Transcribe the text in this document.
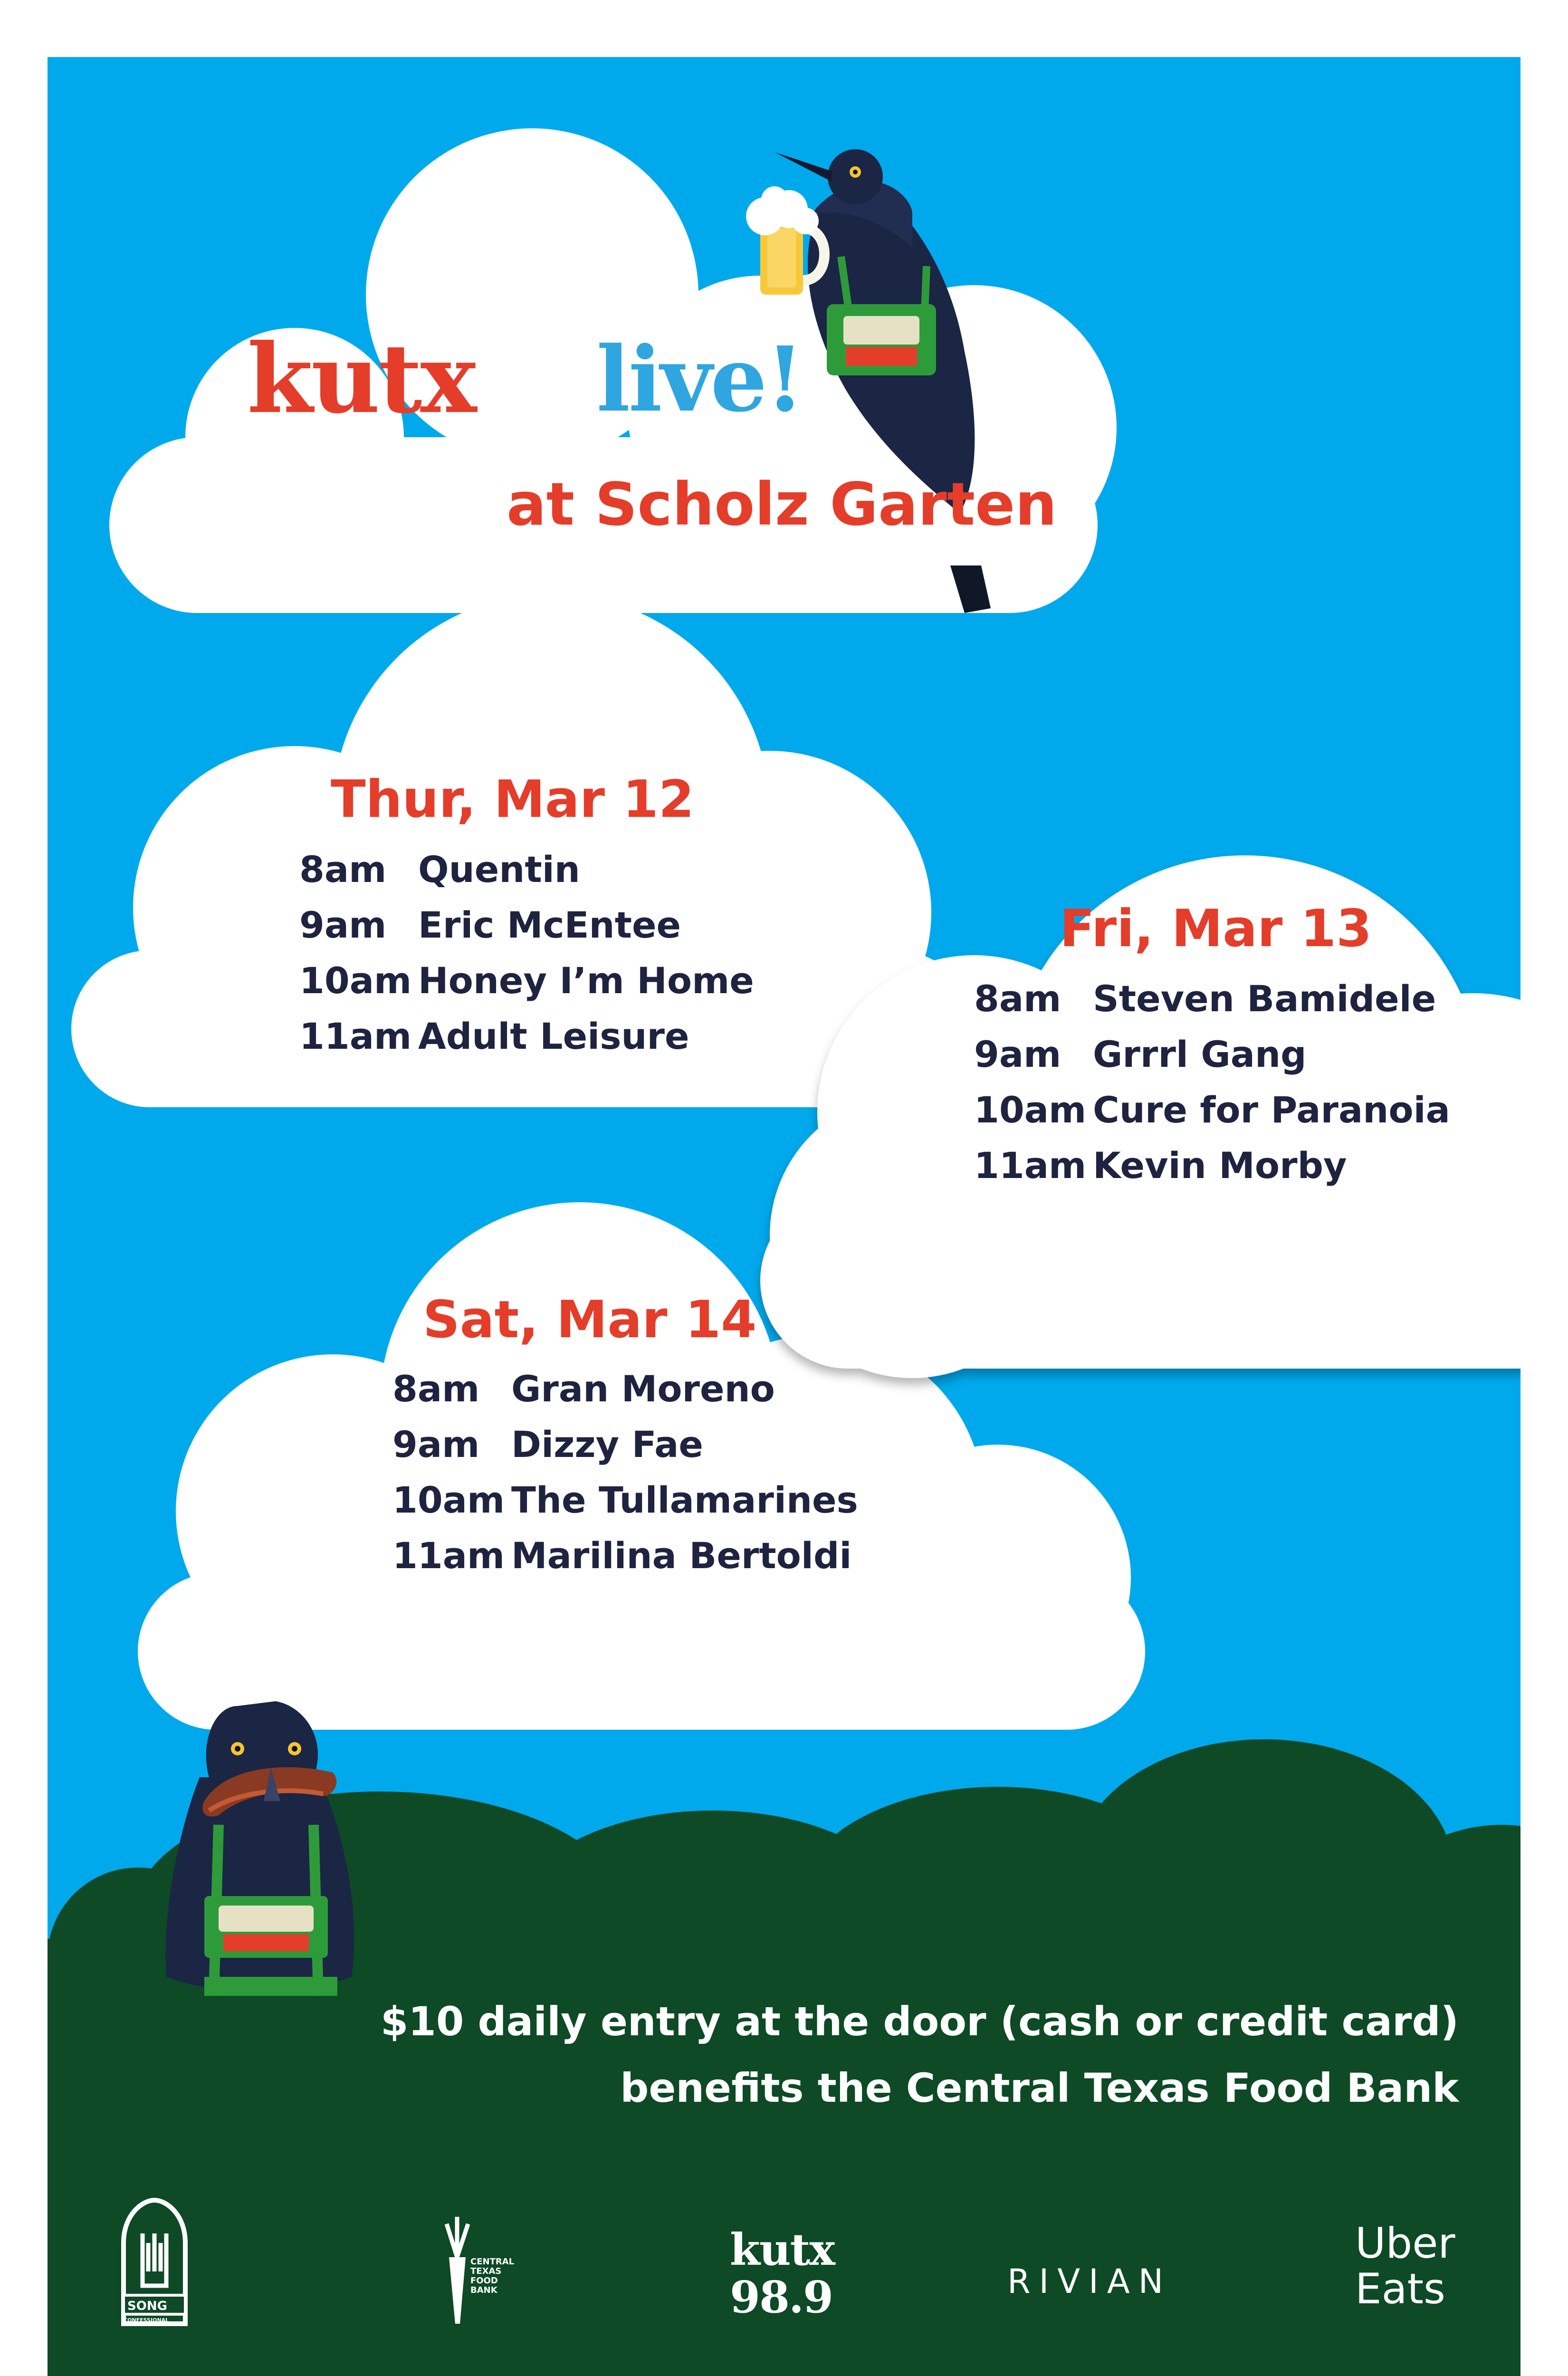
kutx live!
at Scholz Garten
Thur, Mar 12
8am Quentin
9am Eric McEntee
10am Honey I’m Home
11am Adult Leisure
Fri, Mar 13
8am Steven Bamidele
9am Grrrl Gang
10am Cure for Paranoia
11am Kevin Morby
Sat, Mar 14
8am Gran Moreno
9am Dizzy Fae
10am The Tullamarines
11am Marilina Bertoldi
$10 daily entry at the door (cash or credit card)
benefits the Central Texas Food Bank
SONG
CONFESSIONAL
CENTRAL
TEXAS
FOOD
BANK
kutx
98.9	RIVIAN
Uber
Eats
